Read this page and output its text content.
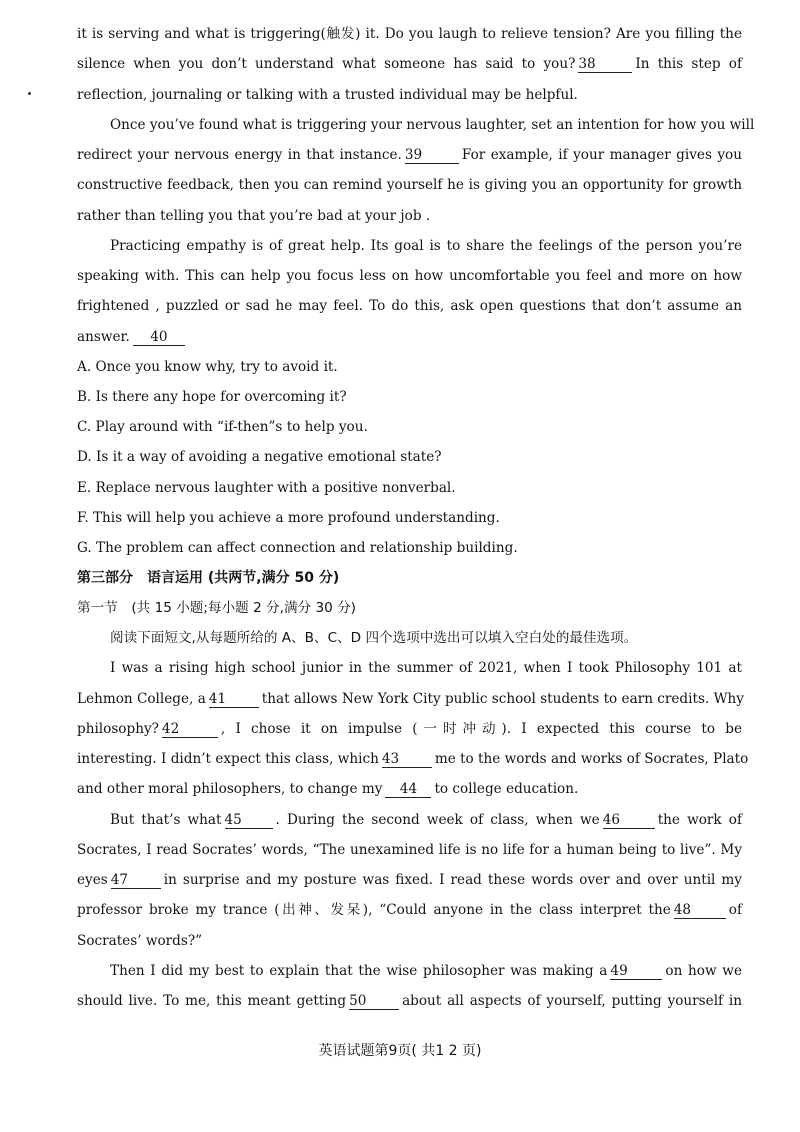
it is serving and what is triggering(触发) it. Do you laugh to relieve tension? Are you filling the
silence when you don’t understand what someone has said to you? 38	In this step of
reflection, journaling or talking with a trusted individual may be helpful.
Once you’ve found what is triggering your nervous laughter, set an intention for how you will
redirect your nervous energy in that instance. 39	For example, if your manager gives you
constructive feedback, then you can remind yourself he is giving you an opportunity for growth
rather than telling you that you’re bad at your job .
Practicing empathy is of great help. Its goal is to share the feelings of the person you’re
speaking with. This can help you focus less on how uncomfortable you feel and more on how
frightened , puzzled or sad he may feel. To do this, ask open questions that don’t assume an
answer. 40
A. Once you know why, try to avoid it.
B. Is there any hope for overcoming it?
C. Play around with “if-then”s to help you.
D. Is it a way of avoiding a negative emotional state?
E. Replace nervous laughter with a positive nonverbal.
F. This will help you achieve a more profound understanding.
G. The problem can affect connection and relationship building.
第三部分　语言运用 (共两节,满分 50 分)
第一节　(共 15 小题;每小题 2 分,满分 30 分)
阅读下面短文,从每题所给的 A、B、C、D 四个选项中选出可以填入空白处的最佳选项。
I was a rising high school junior in the summer of 2021, when I took Philosophy 101 at
Lehmon College, a 41	that allows New York City public school students to earn credits. Why
philosophy? 42	, I chose it on impulse (一时冲动). I expected this course to be
interesting. I didn’t expect this class, which 43	me to the words and works of Socrates, Plato
and other moral philosophers, to change my 44 to college education.
But that’s what 45 . During the second week of class, when we 46	the work of
Socrates, I read Socrates’ words, “The unexamined life is no life for a human being to live”. My
eyes 47	in surprise and my posture was fixed. I read these words over and over until my
professor broke my trance (出神、发呆), “Could anyone in the class interpret the 48	of
Socrates’ words?”
Then I did my best to explain that the wise philosopher was making a 49	on how we
should live. To me, this meant getting 50	about all aspects of yourself, putting yourself in
英语试题第9页( 共1 2 页)
